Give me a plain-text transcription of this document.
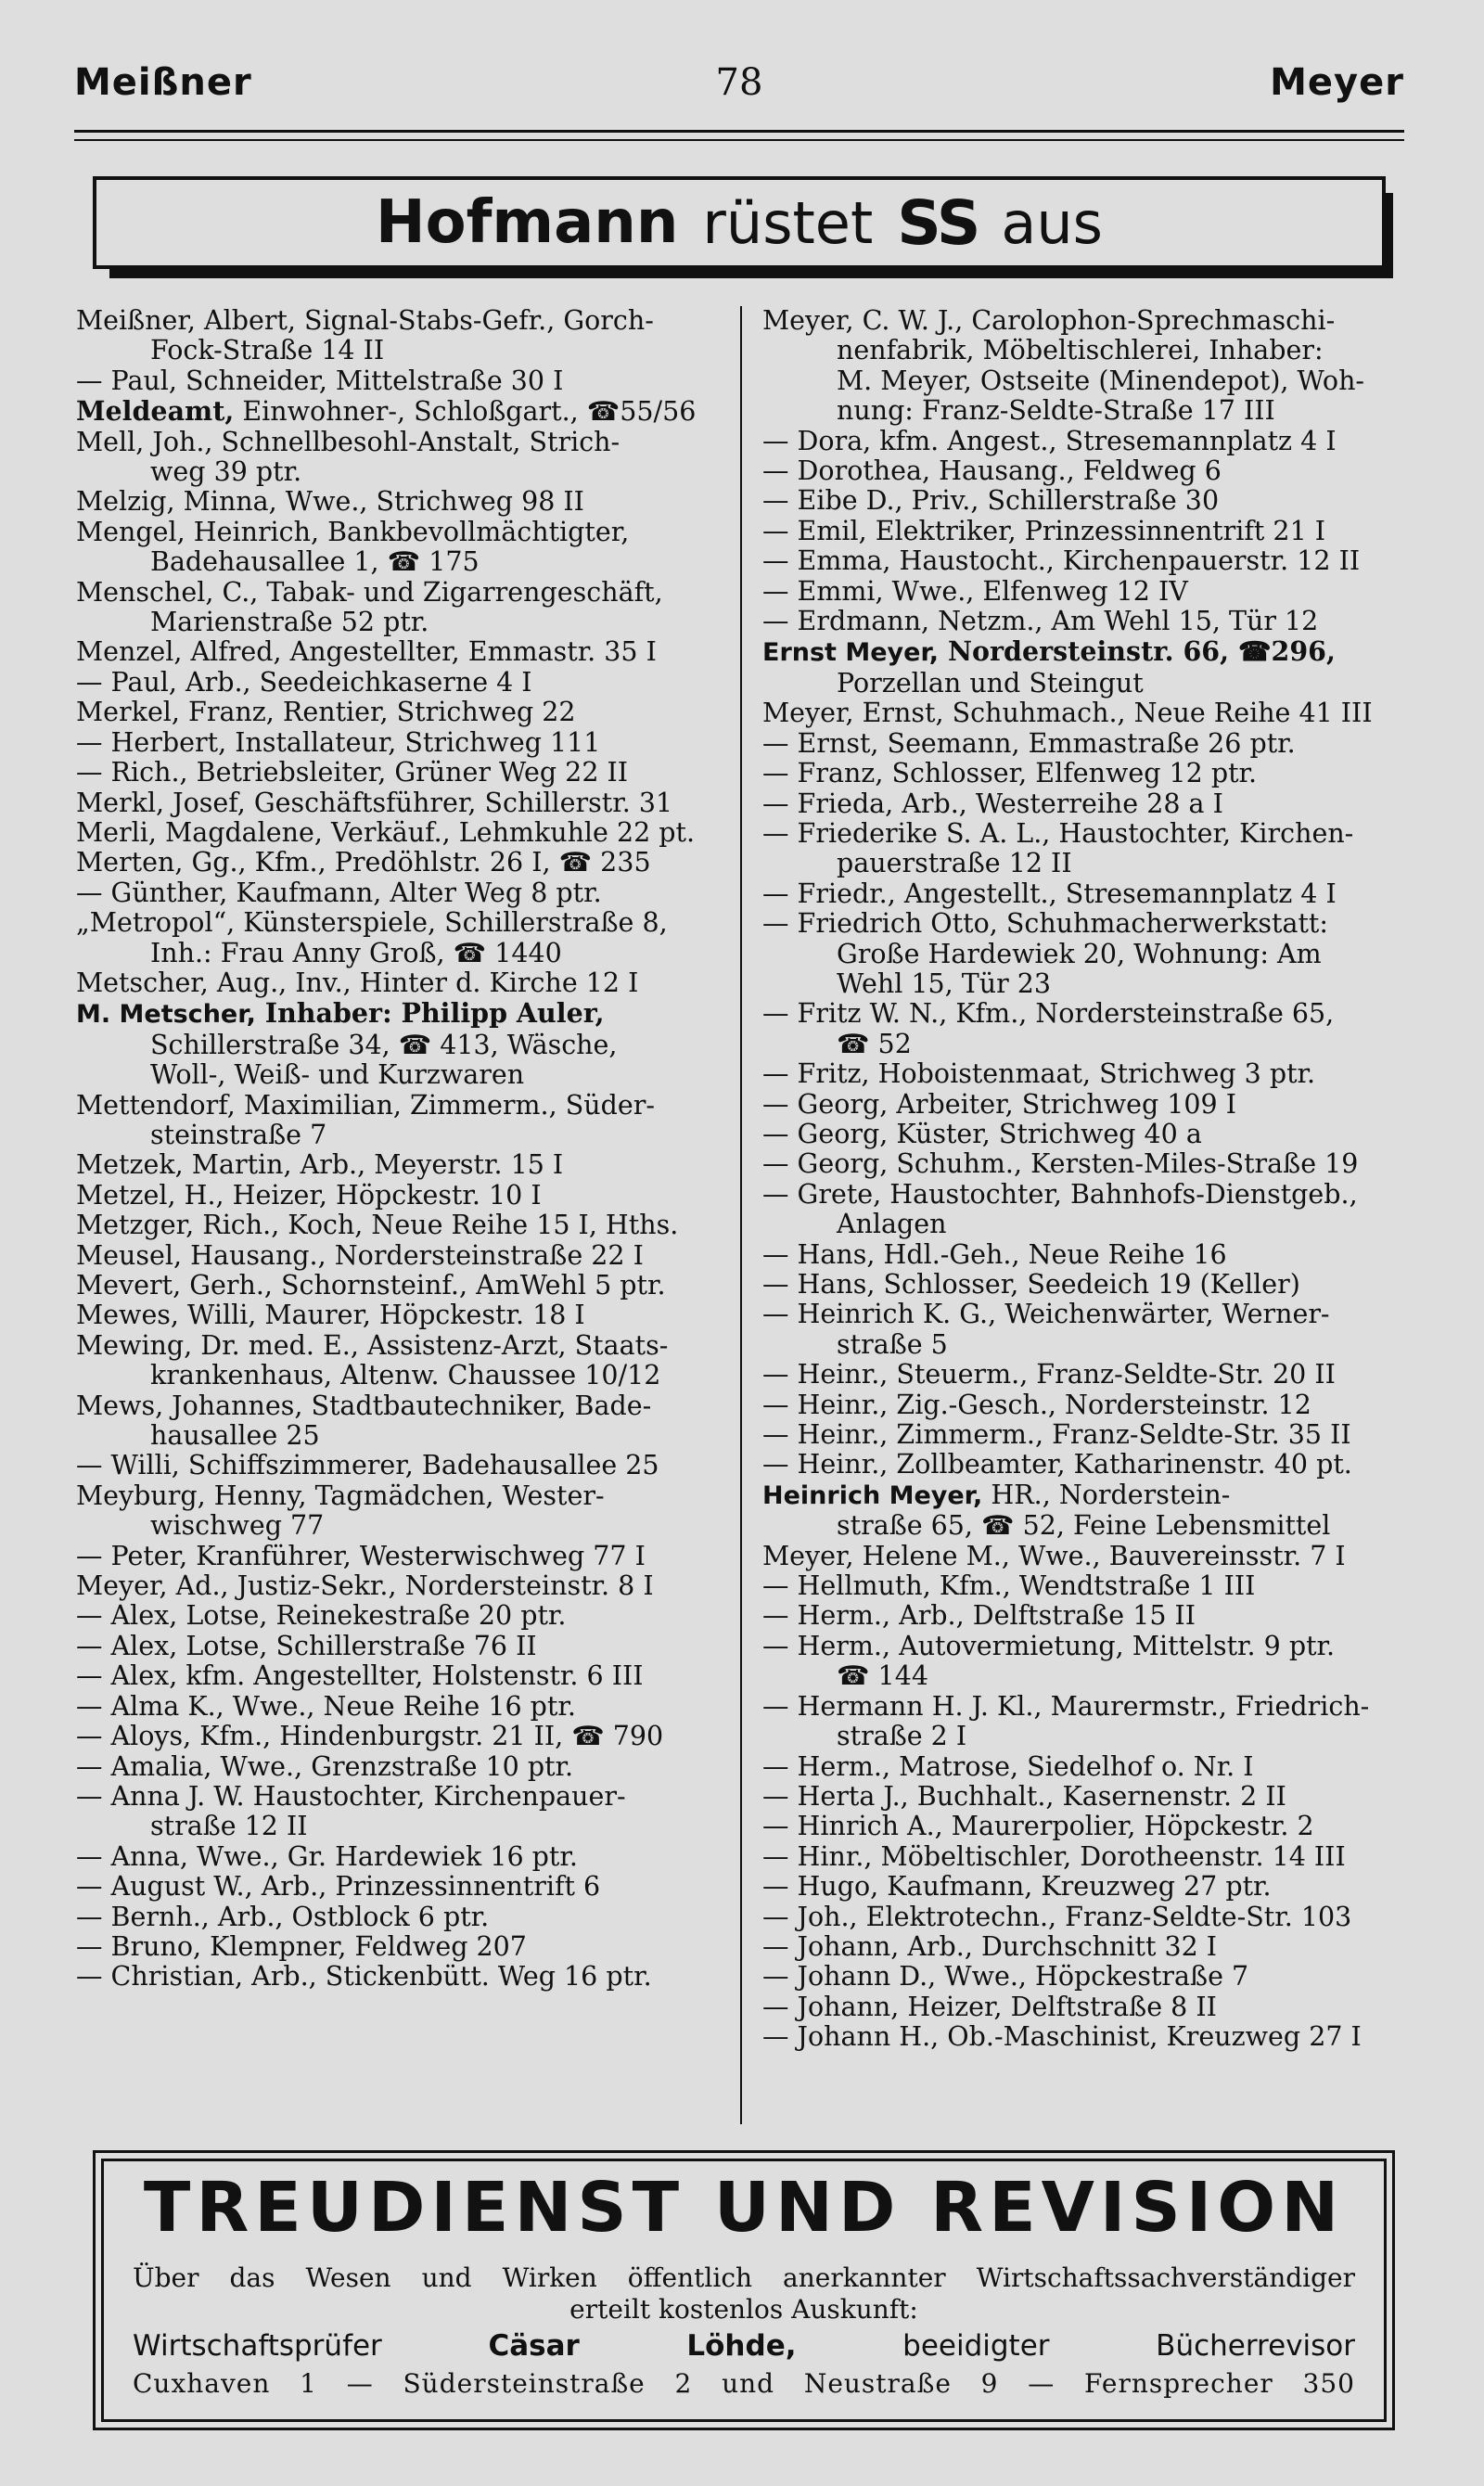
Meißner	78	Meyer
Hofmann rüstet SS aus
Meißner, Albert, Signal-Stabs-Gefr., Gorch-
Fock-Straße 14 II
— Paul, Schneider, Mittelstraße 30 I
Meldeamt, Einwohner-, Schloßgart., ☎55/56
Mell, Joh., Schnellbesohl-Anstalt, Strich-
weg 39 ptr.
Melzig, Minna, Wwe., Strichweg 98 II
Mengel, Heinrich, Bankbevollmächtigter,
Badehausallee 1, ☎ 175
Menschel, C., Tabak- und Zigarrengeschäft,
Marienstraße 52 ptr.
Menzel, Alfred, Angestellter, Emmastr. 35 I
— Paul, Arb., Seedeichkaserne 4 I
Merkel, Franz, Rentier, Strichweg 22
— Herbert, Installateur, Strichweg 111
— Rich., Betriebsleiter, Grüner Weg 22 II
Merkl, Josef, Geschäftsführer, Schillerstr. 31
Merli, Magdalene, Verkäuf., Lehmkuhle 22 pt.
Merten, Gg., Kfm., Predöhlstr. 26 I, ☎ 235
— Günther, Kaufmann, Alter Weg 8 ptr.
„Metropol“, Künsterspiele, Schillerstraße 8,
Inh.: Frau Anny Groß, ☎ 1440
Metscher, Aug., Inv., Hinter d. Kirche 12 I
M. Metscher, Inhaber: Philipp Auler,
Schillerstraße 34, ☎ 413, Wäsche,
Woll-, Weiß- und Kurzwaren
Mettendorf, Maximilian, Zimmerm., Süder-
steinstraße 7
Metzek, Martin, Arb., Meyerstr. 15 I
Metzel, H., Heizer, Höpckestr. 10 I
Metzger, Rich., Koch, Neue Reihe 15 I, Hths.
Meusel, Hausang., Nordersteinstraße 22 I
Mevert, Gerh., Schornsteinf., AmWehl 5 ptr.
Mewes, Willi, Maurer, Höpckestr. 18 I
Mewing, Dr. med. E., Assistenz-Arzt, Staats-
krankenhaus, Altenw. Chaussee 10/12
Mews, Johannes, Stadtbautechniker, Bade-
hausallee 25
— Willi, Schiffszimmerer, Badehausallee 25
Meyburg, Henny, Tagmädchen, Wester-
wischweg 77
— Peter, Kranführer, Westerwischweg 77 I
Meyer, Ad., Justiz-Sekr., Nordersteinstr. 8 I
— Alex, Lotse, Reinekestraße 20 ptr.
— Alex, Lotse, Schillerstraße 76 II
— Alex, kfm. Angestellter, Holstenstr. 6 III
— Alma K., Wwe., Neue Reihe 16 ptr.
— Aloys, Kfm., Hindenburgstr. 21 II, ☎ 790
— Amalia, Wwe., Grenzstraße 10 ptr.
— Anna J. W. Haustochter, Kirchenpauer-
straße 12 II
— Anna, Wwe., Gr. Hardewiek 16 ptr.
— August W., Arb., Prinzessinnentrift 6
— Bernh., Arb., Ostblock 6 ptr.
— Bruno, Klempner, Feldweg 207
— Christian, Arb., Stickenbütt. Weg 16 ptr.
Meyer, C. W. J., Carolophon-Sprechmaschi-
nenfabrik, Möbeltischlerei, Inhaber:
M. Meyer, Ostseite (Minendepot), Woh-
nung: Franz-Seldte-Straße 17 III
— Dora, kfm. Angest., Stresemannplatz 4 I
— Dorothea, Hausang., Feldweg 6
— Eibe D., Priv., Schillerstraße 30
— Emil, Elektriker, Prinzessinnentrift 21 I
— Emma, Haustocht., Kirchenpauerstr. 12 II
— Emmi, Wwe., Elfenweg 12 IV
— Erdmann, Netzm., Am Wehl 15, Tür 12
Ernst Meyer, Nordersteinstr. 66, ☎296,
Porzellan und Steingut
Meyer, Ernst, Schuhmach., Neue Reihe 41 III
— Ernst, Seemann, Emmastraße 26 ptr.
— Franz, Schlosser, Elfenweg 12 ptr.
— Frieda, Arb., Westerreihe 28 a I
— Friederike S. A. L., Haustochter, Kirchen-
pauerstraße 12 II
— Friedr., Angestellt., Stresemannplatz 4 I
— Friedrich Otto, Schuhmacherwerkstatt:
Große Hardewiek 20, Wohnung: Am
Wehl 15, Tür 23
— Fritz W. N., Kfm., Nordersteinstraße 65,
☎ 52
— Fritz, Hoboistenmaat, Strichweg 3 ptr.
— Georg, Arbeiter, Strichweg 109 I
— Georg, Küster, Strichweg 40 a
— Georg, Schuhm., Kersten-Miles-Straße 19
— Grete, Haustochter, Bahnhofs-Dienstgeb.,
Anlagen
— Hans, Hdl.-Geh., Neue Reihe 16
— Hans, Schlosser, Seedeich 19 (Keller)
— Heinrich K. G., Weichenwärter, Werner-
straße 5
— Heinr., Steuerm., Franz-Seldte-Str. 20 II
— Heinr., Zig.-Gesch., Nordersteinstr. 12
— Heinr., Zimmerm., Franz-Seldte-Str. 35 II
— Heinr., Zollbeamter, Katharinenstr. 40 pt.
Heinrich Meyer, HR., Norderstein-
straße 65, ☎ 52, Feine Lebensmittel
Meyer, Helene M., Wwe., Bauvereinsstr. 7 I
— Hellmuth, Kfm., Wendtstraße 1 III
— Herm., Arb., Delftstraße 15 II
— Herm., Autovermietung, Mittelstr. 9 ptr.
☎ 144
— Hermann H. J. Kl., Maurermstr., Friedrich-
straße 2 I
— Herm., Matrose, Siedelhof o. Nr. I
— Herta J., Buchhalt., Kasernenstr. 2 II
— Hinrich A., Maurerpolier, Höpckestr. 2
— Hinr., Möbeltischler, Dorotheenstr. 14 III
— Hugo, Kaufmann, Kreuzweg 27 ptr.
— Joh., Elektrotechn., Franz-Seldte-Str. 103
— Johann, Arb., Durchschnitt 32 I
— Johann D., Wwe., Höpckestraße 7
— Johann, Heizer, Delftstraße 8 II
— Johann H., Ob.-Maschinist, Kreuzweg 27 I
TREUDIENST UND REVISION
Über das Wesen und Wirken öffentlich anerkannter Wirtschaftssachverständiger
erteilt kostenlos Auskunft:
Wirtschaftsprüfer	Cäsar Löhde,	beeidigter Bücherrevisor
Cuxhaven 1 — Südersteinstraße 2 und Neustraße 9 — Fernsprecher 350
